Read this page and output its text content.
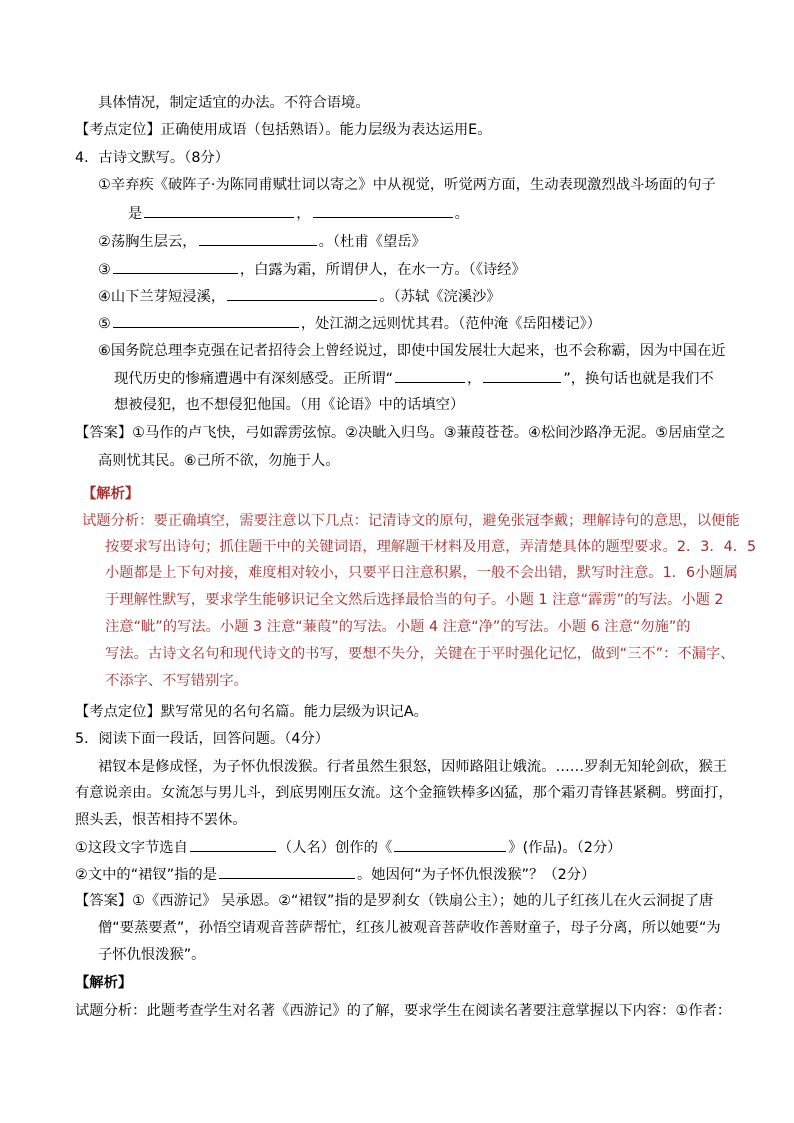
具体情况，制定适宜的办法。不符合语境。
【考点定位】正确使用成语（包括熟语）。能力层级为表达运用E。
4．古诗文默写。（8分）
①辛弃疾《破阵子·为陈同甫赋壮词以寄之》中从视觉，听觉两方面，生动表现激烈战斗场面的句子
是	，	。
②荡胸生层云，	。（杜甫《望岳》
③	，白露为霜，所谓伊人，在水一方。（《诗经》
④山下兰芽短浸溪，	。（苏轼《浣溪沙》
⑤	，处江湖之远则忧其君。（范仲淹《岳阳楼记》）
⑥国务院总理李克强在记者招待会上曾经说过，即使中国发展壮大起来，也不会称霸，因为中国在近
现代历史的惨痛遭遇中有深刻感受。正所谓“	，	”，换句话也就是我们不
想被侵犯，也不想侵犯他国。（用《论语》中的话填空）
【答案】①马作的卢飞快，弓如霹雳弦惊。②决眦入归鸟。③蒹葭苍苍。④松间沙路净无泥。⑤居庙堂之
高则忧其民。⑥己所不欲，勿施于人。
【解析】
试题分析：要正确填空，需要注意以下几点：记清诗文的原句，避免张冠李戴；理解诗句的意思，以便能
按要求写出诗句；抓住题干中的关键词语，理解题干材料及用意，弄清楚具体的题型要求。2．3．4．5
小题都是上下句对接，难度相对较小，只要平日注意积累，一般不会出错，默写时注意。1．6小题属
于理解性默写，要求学生能够识记全文然后选择最恰当的句子。小题 1 注意“霹雳”的写法。小题 2
注意“眦”的写法。小题 3 注意“蒹葭”的写法。小题 4 注意“净”的写法。小题 6 注意“勿施”的
写法。古诗文名句和现代诗文的书写，要想不失分，关键在于平时强化记忆，做到“三不”：不漏字、
不添字、不写错别字。
【考点定位】默写常见的名句名篇。能力层级为识记A。
5．阅读下面一段话，回答问题。（4分）
裙钗本是修成怪，为子怀仇恨泼猴。行者虽然生狠怒，因师路阻让娥流。……罗刹无知轮剑砍，猴王
有意说亲由。女流怎与男儿斗，到底男刚压女流。这个金箍铁棒多凶猛，那个霜刃青锋甚紧稠。劈面打，
照头丢，恨苦相持不罢休。
①这段文字节选自	（人名）创作的《	》(作品)。（2分）
②文中的“裙钗”指的是	。她因何“为子怀仇恨泼猴”？（2分）
【答案】①《西游记》 吴承恩。②“裙钗”指的是罗刹女（铁扇公主）；她的儿子红孩儿在火云洞捉了唐
僧“要蒸要煮”，孙悟空请观音菩萨帮忙，红孩儿被观音菩萨收作善财童子，母子分离，所以她要“为
子怀仇恨泼猴”。
【解析】
试题分析：此题考查学生对名著《西游记》的了解，要求学生在阅读名著要注意掌握以下内容：①作者：
